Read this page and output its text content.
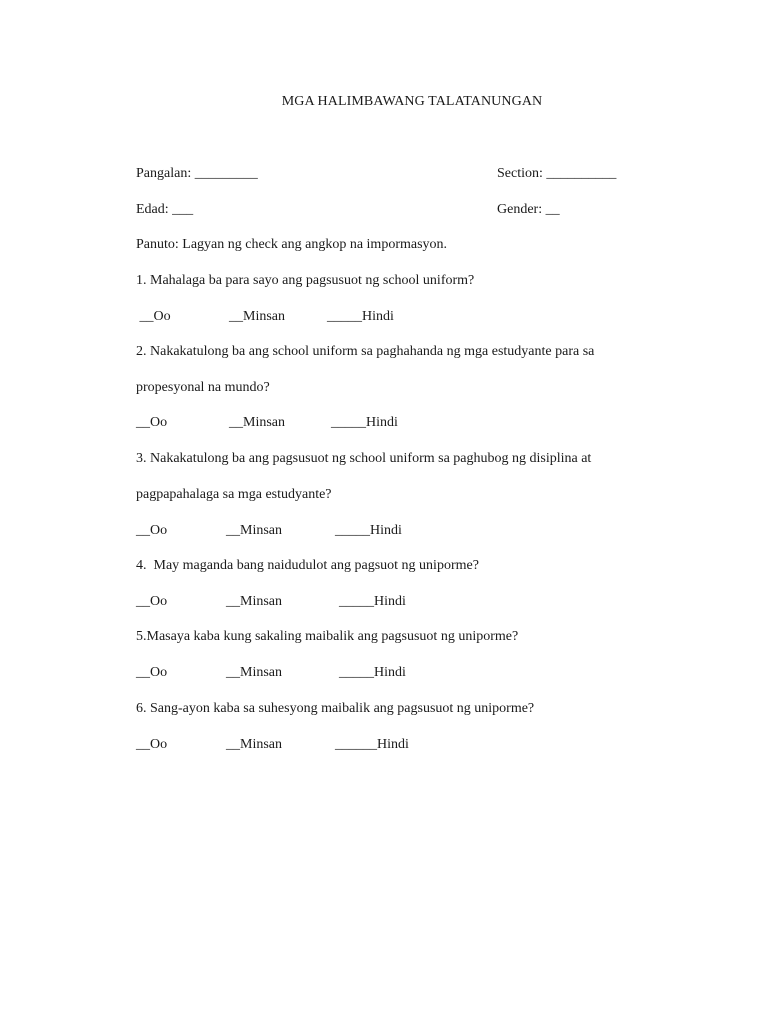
MGA HALIMBAWANG TALATANUNGAN
Pangalan: _________	Section: __________
Edad: ___	Gender: __
Panuto: Lagyan ng check ang angkop na impormasyon.
1. Mahalaga ba para sayo ang pagsusuot ng school uniform?
__Oo	__Minsan	_____Hindi
2. Nakakatulong ba ang school uniform sa paghahanda ng mga estudyante para sa
propesyonal na mundo?
__Oo	__Minsan	_____Hindi
3. Nakakatulong ba ang pagsusuot ng school uniform sa paghubog ng disiplina at
pagpapahalaga sa mga estudyante?
__Oo	__Minsan	_____Hindi
4.  May maganda bang naidudulot ang pagsuot ng uniporme?
__Oo	__Minsan	_____Hindi
5.Masaya kaba kung sakaling maibalik ang pagsusuot ng uniporme?
__Oo	__Minsan	_____Hindi
6. Sang-ayon kaba sa suhesyong maibalik ang pagsusuot ng uniporme?
__Oo	__Minsan	______Hindi
